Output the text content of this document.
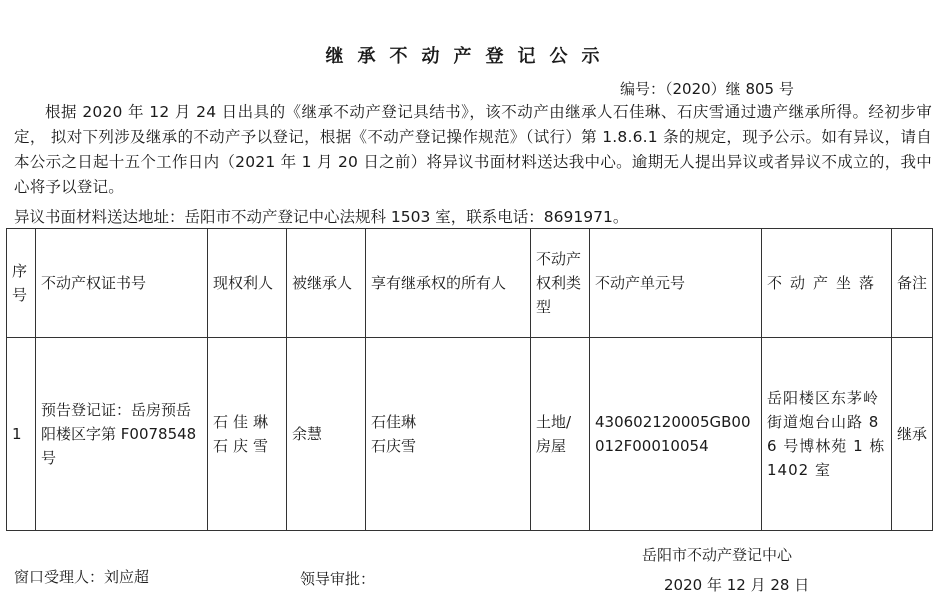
继承不动产登记公示
编号：（2020）继 805 号
根据 2020 年 12 月 24 日出具的《继承不动产登记具结书》，该不动产由继承人石佳琳、石庆雪通过遗产继承所得。经初步审定， 拟对下列涉及继承的不动产予以登记，根据《不动产登记操作规范》（试行）第 1.8.6.1 条的规定，现予公示。如有异议，请自本公示之日起十五个工作日内（2021 年 1 月 20 日之前）将异议书面材料送达我中心。逾期无人提出异议或者异议不成立的，我中心将予以登记。
异议书面材料送达地址：岳阳市不动产登记中心法规科 1503 室，联系电话：8691971。
序号	不动产权证书号	现权利人	被继承人	享有继承权的所有人	不动产权利类型	不动产单元号	不动产坐落	备注
1	预告登记证：岳房预岳阳楼区字第 F0078548 号	石佳琳石庆雪	余慧	石佳琳
石庆雪	土地/房屋	430602120005GB00012F00010054	岳阳楼区东茅岭街道炮台山路 86 号博林苑 1 栋 1402 室	继承
窗口受理人：刘应超	领导审批：
岳阳市不动产登记中心
2020 年 12 月 28 日
